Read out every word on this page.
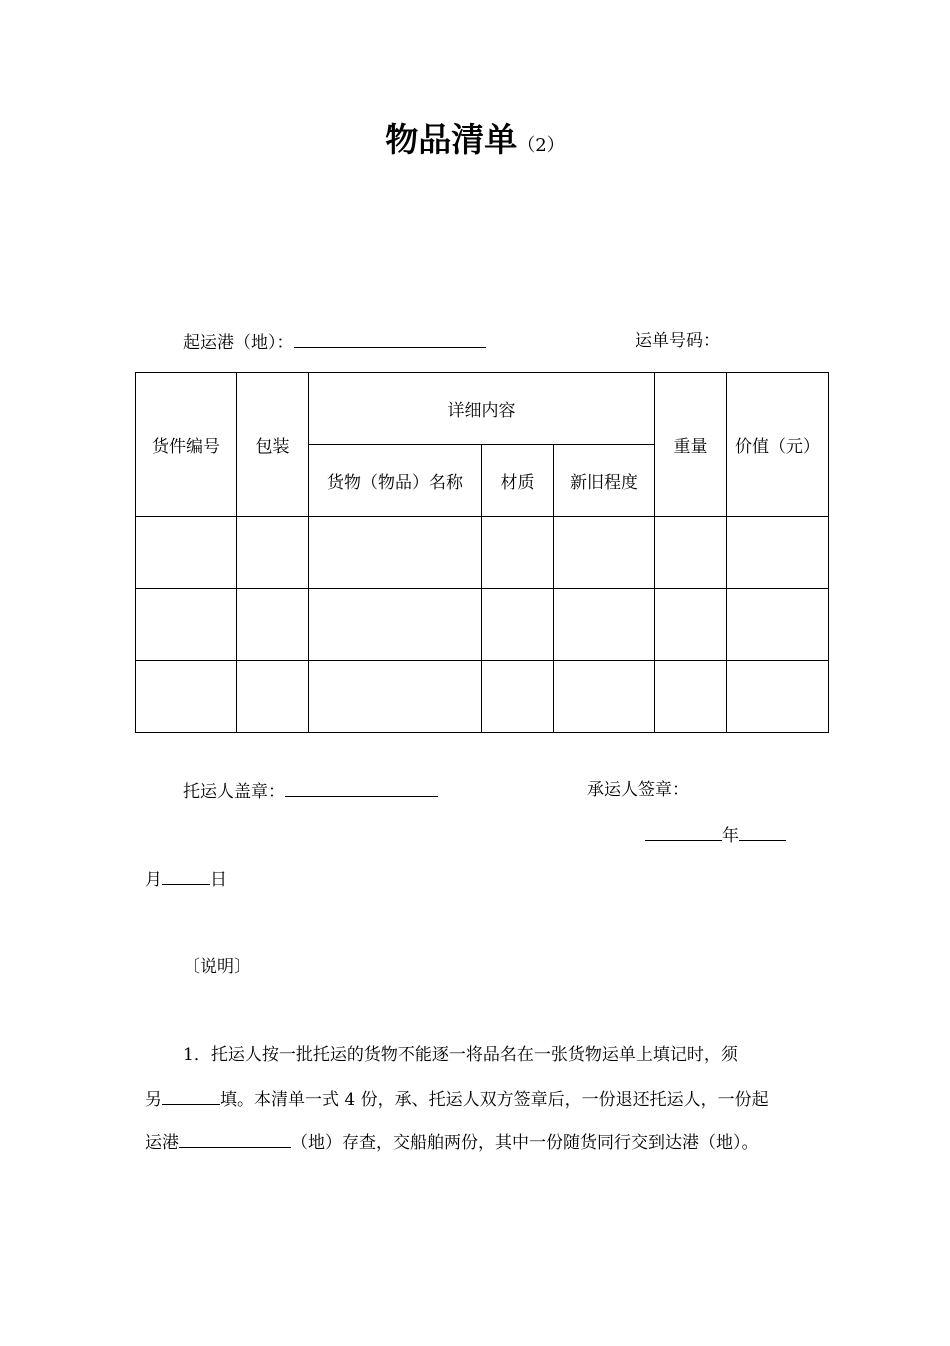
物品清单（2）
起运港（地）：	运单号码：
货件编号	包装	详细内容			重量	价值（元）
		货物（物品）名称	材质	新旧程度		

托运人盖章：	承运人签章：
年
月	日
〔说明〕
1．托运人按一批托运的货物不能逐一将品名在一张货物运单上填记时，须
另	填。本清单一式 4 份，承、托运人双方签章后，一份退还托运人，一份起
运港	（地）存查，交船舶两份，其中一份随货同行交到达港（地）。
